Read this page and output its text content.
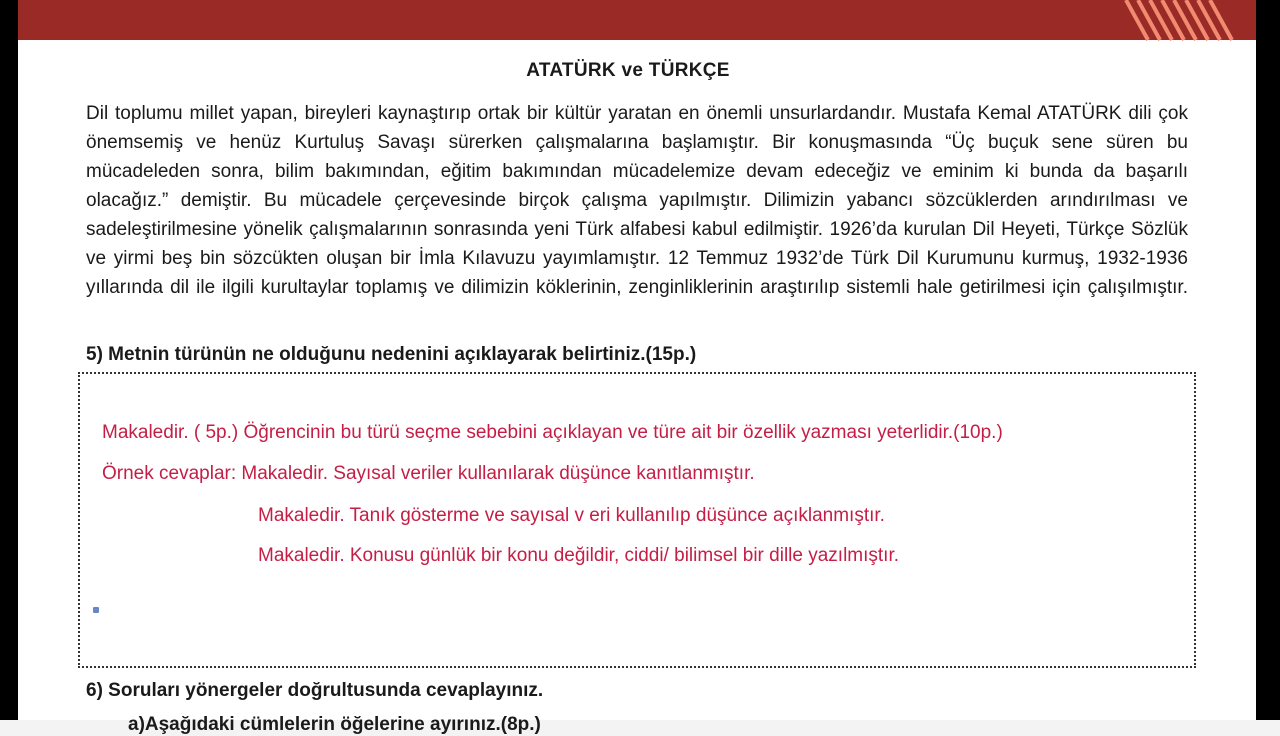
ATATÜRK ve TÜRKÇE

Dil toplumu millet yapan, bireyleri kaynaştırıp ortak bir kültür yaratan en önemli unsurlardandır. Mustafa Kemal ATATÜRK dili çok önemsemiş ve henüz Kurtuluş Savaşı sürerken çalışmalarına başlamıştır. Bir konuşmasında “Üç buçuk sene süren bu mücadeleden sonra, bilim bakımından, eğitim bakımından mücadelemize devam edeceğiz ve eminim ki bunda da başarılı olacağız.” demiştir. Bu mücadele çerçevesinde birçok çalışma yapılmıştır. Dilimizin yabancı sözcüklerden arındırılması ve sadeleştirilmesine yönelik çalışmalarının sonrasında yeni Türk alfabesi kabul edilmiştir. 1926’da kurulan Dil Heyeti, Türkçe Sözlük ve yirmi beş bin sözcükten oluşan bir İmla Kılavuzu yayımlamıştır. 12 Temmuz 1932’de Türk Dil Kurumunu kurmuş, 1932-1936 yıllarında dil ile ilgili kurultaylar toplamış ve dilimizin köklerinin, zenginliklerinin araştırılıp sistemli hale getirilmesi için çalışılmıştır.

5) Metnin türünün ne olduğunu nedenini açıklayarak belirtiniz.(15p.)
Makaledir. ( 5p.) Öğrencinin bu türü seçme sebebini açıklayan ve türe ait bir özellik yazması yeterlidir.(10p.)
Örnek cevaplar: Makaledir. Sayısal veriler kullanılarak düşünce kanıtlanmıştır.
Makaledir. Tanık gösterme ve sayısal v eri kullanılıp düşünce açıklanmıştır.
Makaledir. Konusu günlük bir konu değildir, ciddi/ bilimsel bir dille yazılmıştır.
6) Soruları yönergeler doğrultusunda cevaplayınız.
a)Aşağıdaki cümlelerin öğelerine ayırınız.(8p.)
